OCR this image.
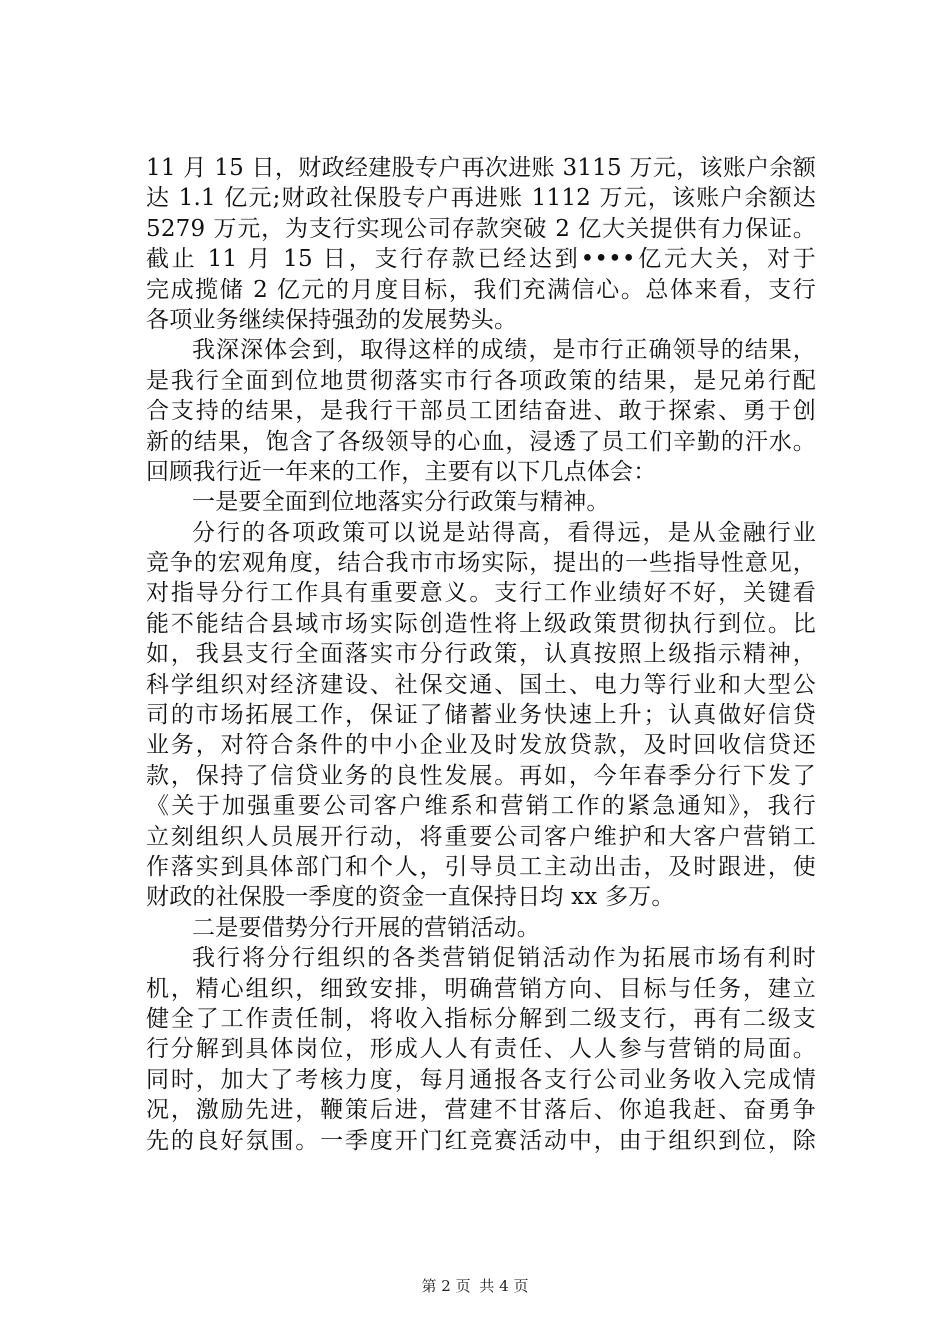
11 月 15 日，财政经建股专户再次进账 3115 万元，该账户余额
达 1.1 亿元;财政社保股专户再进账 1112 万元，该账户余额达
5279 万元，为支行实现公司存款突破 2 亿大关提供有力保证。
截止 11 月 15 日，支行存款已经达到••••亿元大关，对于
完成揽储 2 亿元的月度目标，我们充满信心。总体来看，支行
各项业务继续保持强劲的发展势头。
我深深体会到，取得这样的成绩，是市行正确领导的结果，
是我行全面到位地贯彻落实市行各项政策的结果，是兄弟行配
合支持的结果，是我行干部员工团结奋进、敢于探索、勇于创
新的结果，饱含了各级领导的心血，浸透了员工们辛勤的汗水。
回顾我行近一年来的工作，主要有以下几点体会：
一是要全面到位地落实分行政策与精神。
分行的各项政策可以说是站得高，看得远，是从金融行业
竞争的宏观角度，结合我市市场实际，提出的一些指导性意见，
对指导分行工作具有重要意义。支行工作业绩好不好，关键看
能不能结合县域市场实际创造性将上级政策贯彻执行到位。比
如，我县支行全面落实市分行政策，认真按照上级指示精神，
科学组织对经济建设、社保交通、国土、电力等行业和大型公
司的市场拓展工作，保证了储蓄业务快速上升；认真做好信贷
业务，对符合条件的中小企业及时发放贷款，及时回收信贷还
款，保持了信贷业务的良性发展。再如，今年春季分行下发了
《关于加强重要公司客户维系和营销工作的紧急通知》，我行
立刻组织人员展开行动，将重要公司客户维护和大客户营销工
作落实到具体部门和个人，引导员工主动出击，及时跟进，使
财政的社保股一季度的资金一直保持日均 xx 多万。
二是要借势分行开展的营销活动。
我行将分行组织的各类营销促销活动作为拓展市场有利时
机，精心组织，细致安排，明确营销方向、目标与任务，建立
健全了工作责任制，将收入指标分解到二级支行，再有二级支
行分解到具体岗位，形成人人有责任、人人参与营销的局面。
同时，加大了考核力度，每月通报各支行公司业务收入完成情
况，激励先进，鞭策后进，营建不甘落后、你追我赶、奋勇争
先的良好氛围。一季度开门红竞赛活动中，由于组织到位，除
第 2 页 共 4 页
